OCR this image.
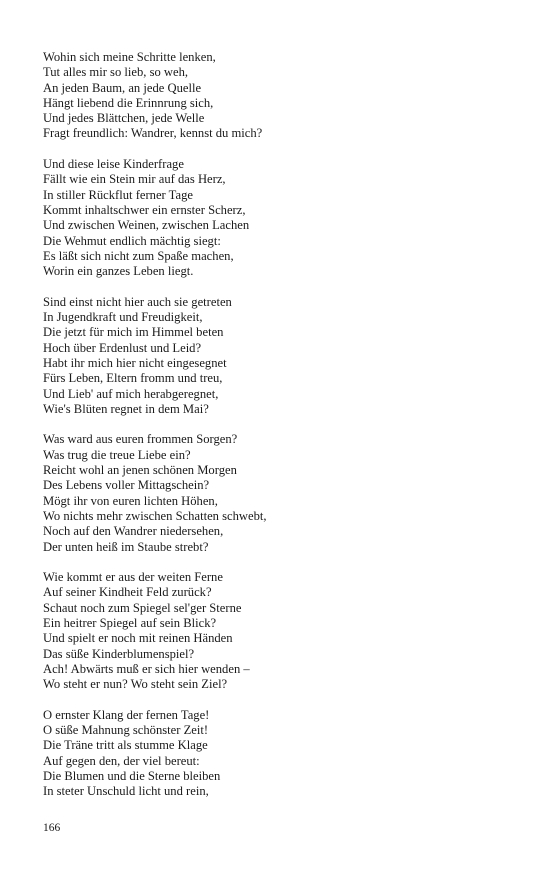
Wohin sich meine Schritte lenken,
Tut alles mir so lieb, so weh,
An jeden Baum, an jede Quelle
Hängt liebend die Erinnrung sich,
Und jedes Blättchen, jede Welle
Fragt freundlich: Wandrer, kennst du mich?
Und diese leise Kinderfrage
Fällt wie ein Stein mir auf das Herz,
In stiller Rückflut ferner Tage
Kommt inhaltschwer ein ernster Scherz,
Und zwischen Weinen, zwischen Lachen
Die Wehmut endlich mächtig siegt:
Es läßt sich nicht zum Spaße machen,
Worin ein ganzes Leben liegt.
Sind einst nicht hier auch sie getreten
In Jugendkraft und Freudigkeit,
Die jetzt für mich im Himmel beten
Hoch über Erdenlust und Leid?
Habt ihr mich hier nicht eingesegnet
Fürs Leben, Eltern fromm und treu,
Und Lieb' auf mich herabgeregnet,
Wie's Blüten regnet in dem Mai?
Was ward aus euren frommen Sorgen?
Was trug die treue Liebe ein?
Reicht wohl an jenen schönen Morgen
Des Lebens voller Mittagschein?
Mögt ihr von euren lichten Höhen,
Wo nichts mehr zwischen Schatten schwebt,
Noch auf den Wandrer niedersehen,
Der unten heiß im Staube strebt?
Wie kommt er aus der weiten Ferne
Auf seiner Kindheit Feld zurück?
Schaut noch zum Spiegel sel'ger Sterne
Ein heitrer Spiegel auf sein Blick?
Und spielt er noch mit reinen Händen
Das süße Kinderblumenspiel?
Ach! Abwärts muß er sich hier wenden –
Wo steht er nun? Wo steht sein Ziel?
O ernster Klang der fernen Tage!
O süße Mahnung schönster Zeit!
Die Träne tritt als stumme Klage
Auf gegen den, der viel bereut:
Die Blumen und die Sterne bleiben
In steter Unschuld licht und rein,
166
